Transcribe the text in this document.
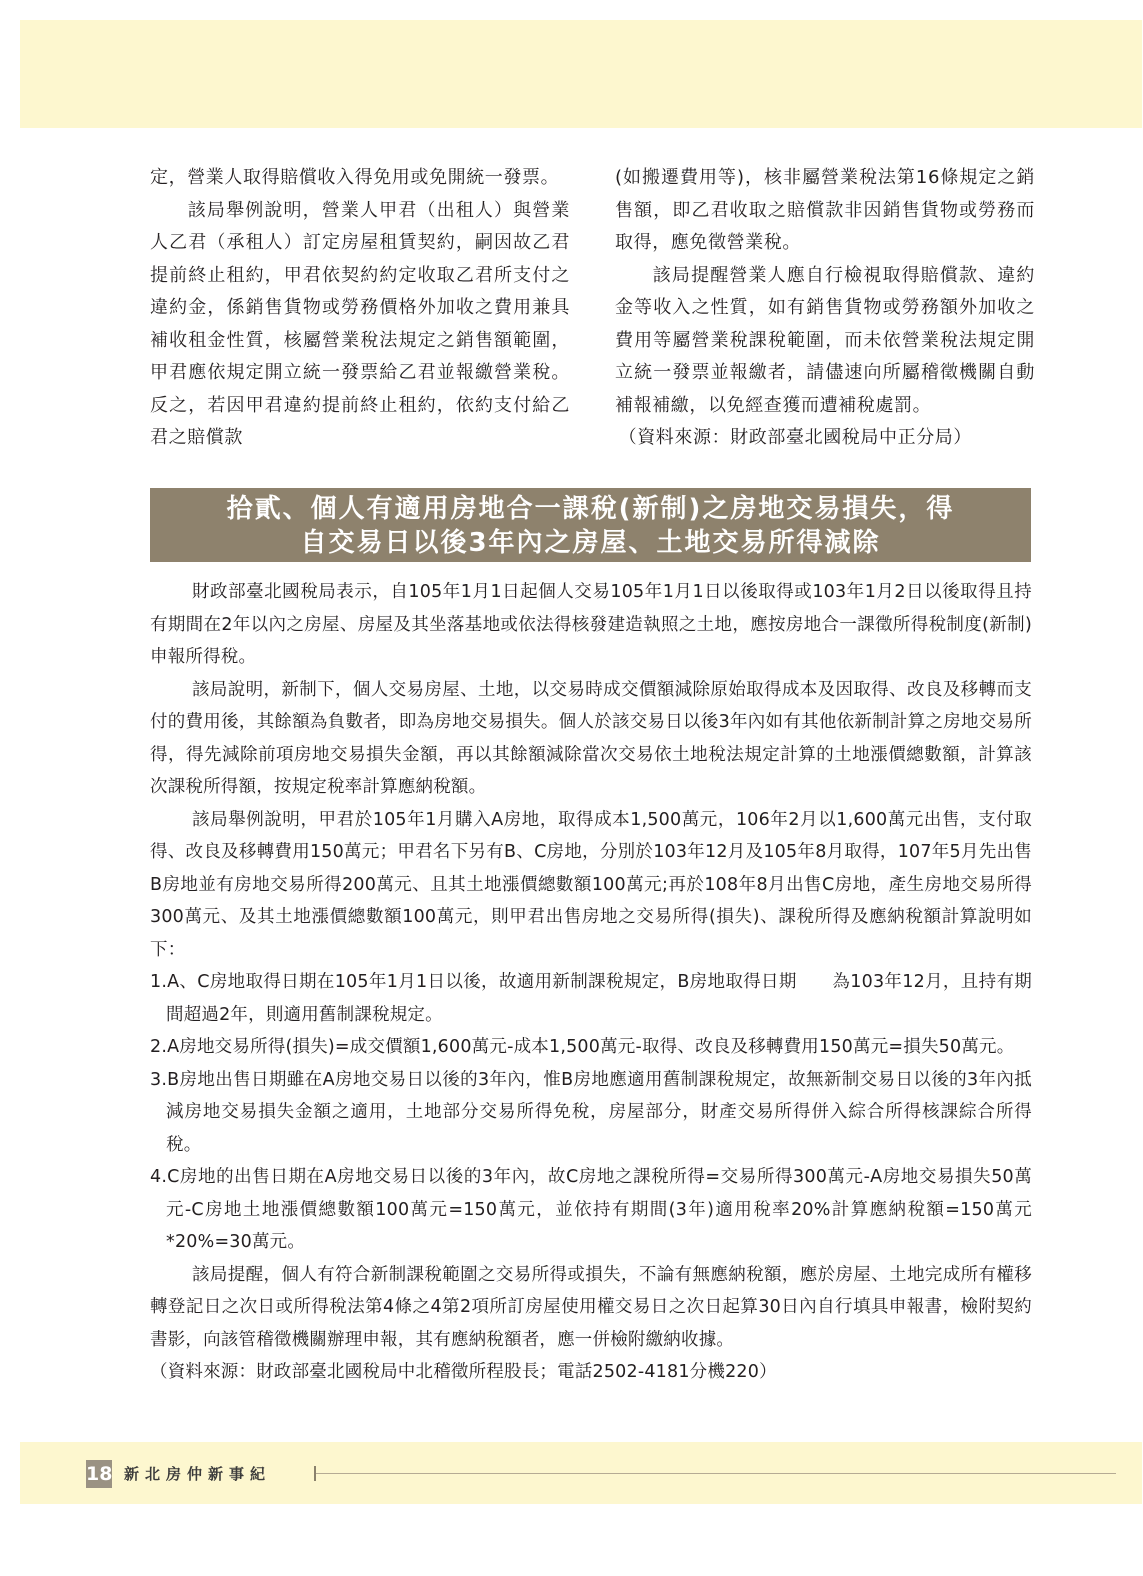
定，營業人取得賠償收入得免用或免開統一發票。

該局舉例說明，營業人甲君（出租人）與營業人乙君（承租人）訂定房屋租賃契約，嗣因故乙君提前終止租約，甲君依契約約定收取乙君所支付之違約金，係銷售貨物或勞務價格外加收之費用兼具補收租金性質，核屬營業稅法規定之銷售額範圍，甲君應依規定開立統一發票給乙君並報繳營業稅。反之，若因甲君違約提前終止租約，依約支付給乙君之賠償款

(如搬遷費用等)，核非屬營業稅法第16條規定之銷售額，即乙君收取之賠償款非因銷售貨物或勞務而取得，應免徵營業稅。

該局提醒營業人應自行檢視取得賠償款、違約金等收入之性質，如有銷售貨物或勞務額外加收之費用等屬營業稅課稅範圍，而未依營業稅法規定開立統一發票並報繳者，請儘速向所屬稽徵機關自動補報補繳，以免經查獲而遭補稅處罰。

（資料來源：財政部臺北國稅局中正分局）

拾貳、個人有適用房地合一課稅(新制)之房地交易損失，得
自交易日以後3年內之房屋、土地交易所得減除

財政部臺北國稅局表示，自105年1月1日起個人交易105年1月1日以後取得或103年1月2日以後取得且持有期間在2年以內之房屋、房屋及其坐落基地或依法得核發建造執照之土地，應按房地合一課徵所得稅制度(新制)申報所得稅。

該局說明，新制下，個人交易房屋、土地，以交易時成交價額減除原始取得成本及因取得、改良及移轉而支付的費用後，其餘額為負數者，即為房地交易損失。個人於該交易日以後3年內如有其他依新制計算之房地交易所得，得先減除前項房地交易損失金額，再以其餘額減除當次交易依土地稅法規定計算的土地漲價總數額，計算該次課稅所得額，按規定稅率計算應納稅額。

該局舉例說明，甲君於105年1月購入A房地，取得成本1,500萬元，106年2月以1,600萬元出售，支付取得、改良及移轉費用150萬元；甲君名下另有B、C房地，分別於103年12月及105年8月取得，107年5月先出售B房地並有房地交易所得200萬元、且其土地漲價總數額100萬元;再於108年8月出售C房地，產生房地交易所得300萬元、及其土地漲價總數額100萬元，則甲君出售房地之交易所得(損失)、課稅所得及應納稅額計算說明如下：

1.A、C房地取得日期在105年1月1日以後，故適用新制課稅規定，B房地取得日期　　為103年12月，且持有期間超過2年，則適用舊制課稅規定。
2.A房地交易所得(損失)=成交價額1,600萬元-成本1,500萬元-取得、改良及移轉費用150萬元=損失50萬元。
3.B房地出售日期雖在A房地交易日以後的3年內，惟B房地應適用舊制課稅規定，故無新制交易日以後的3年內抵減房地交易損失金額之適用，土地部分交易所得免稅，房屋部分，財產交易所得併入綜合所得核課綜合所得稅。
4.C房地的出售日期在A房地交易日以後的3年內，故C房地之課稅所得=交易所得300萬元-A房地交易損失50萬元-C房地土地漲價總數額100萬元=150萬元，並依持有期間(3年)適用稅率20%計算應納稅額=150萬元*20%=30萬元。

該局提醒，個人有符合新制課稅範圍之交易所得或損失，不論有無應納稅額，應於房屋、土地完成所有權移轉登記日之次日或所得稅法第4條之4第2項所訂房屋使用權交易日之次日起算30日內自行填具申報書，檢附契約書影，向該管稽徵機關辦理申報，其有應納稅額者，應一併檢附繳納收據。

（資料來源：財政部臺北國稅局中北稽徵所程股長；電話2502-4181分機220）

18 新北房仲新事紀
